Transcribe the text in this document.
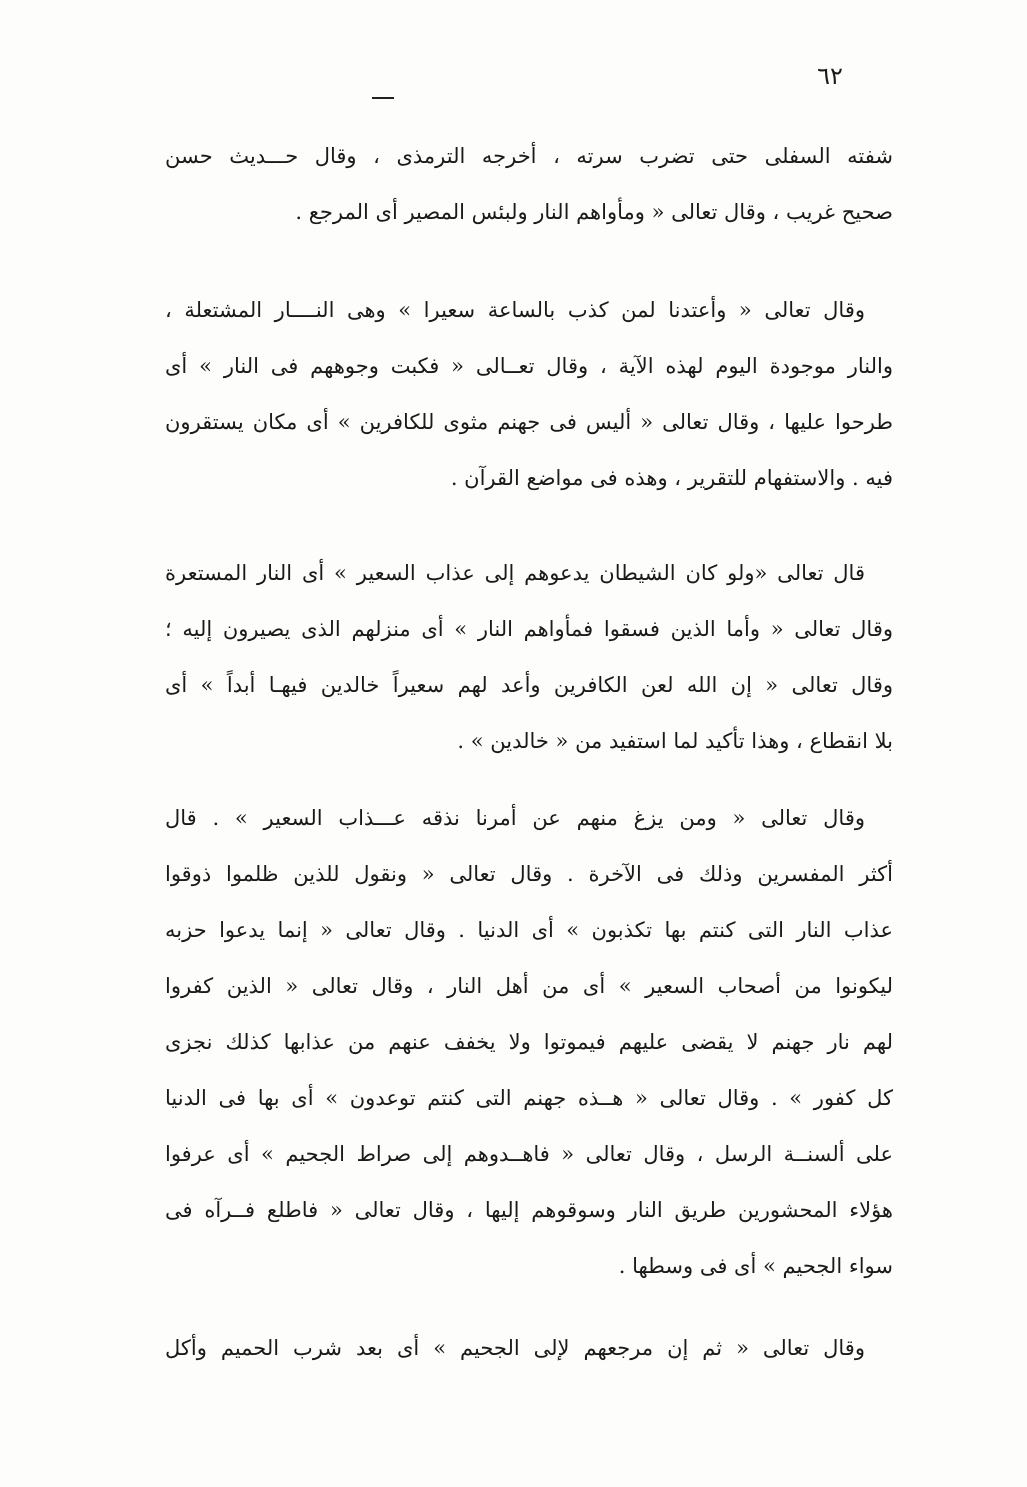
٦٢
شفته السفلى حتى تضرب سرته ، أخرجه الترمذى ، وقال حـــديث حسن
صحيح غريب ، وقال تعالى « ومأواهم النار ولبئس المصير أى المرجع .
وقال تعالى « وأعتدنا لمن كذب بالساعة سعيرا » وهى النــــار المشتعلة ،
والنار موجودة اليوم لهذه الآية ، وقال تعــالى « فكبت وجوههم فى النار » أى
طرحوا عليها ، وقال تعالى « أليس فى جهنم مثوى للكافرين » أى مكان يستقرون
فيه . والاستفهام للتقرير ، وهذه فى مواضع القرآن .
قال تعالى «ولو كان الشيطان يدعوهم إلى عذاب السعير » أى النار المستعرة
وقال تعالى « وأما الذين فسقوا فمأواهم النار » أى منزلهم الذى يصيرون إليه ؛
وقال تعالى « إن الله لعن الكافرين وأعد لهم سعيراً خالدين فيهـا أبداً » أى
بلا انقطاع ، وهذا تأكيد لما استفيد من « خالدين » .
وقال تعالى « ومن يزغ منهم عن أمرنا نذقه عـــذاب السعير » . قال
أكثر المفسرين وذلك فى الآخرة . وقال تعالى « ونقول للذين ظلموا ذوقوا
عذاب النار التى كنتم بها تكذبون » أى الدنيا . وقال تعالى « إنما يدعوا حزبه
ليكونوا من أصحاب السعير » أى من أهل النار ، وقال تعالى « الذين كفروا
لهم نار جهنم لا يقضى عليهم فيموتوا ولا يخفف عنهم من عذابها كذلك نجزى
كل كفور » . وقال تعالى « هــذه جهنم التى كنتم توعدون » أى بها فى الدنيا
على ألسنــة الرسل ، وقال تعالى « فاهــدوهم إلى صراط الجحيم » أى عرفوا
هؤلاء المحشورين طريق النار وسوقوهم إليها ، وقال تعالى « فاطلع فــرآه فى
سواء الجحيم » أى فى وسطها .
وقال تعالى « ثم إن مرجعهم لإلى الجحيم » أى بعد شرب الحميم وأكل
